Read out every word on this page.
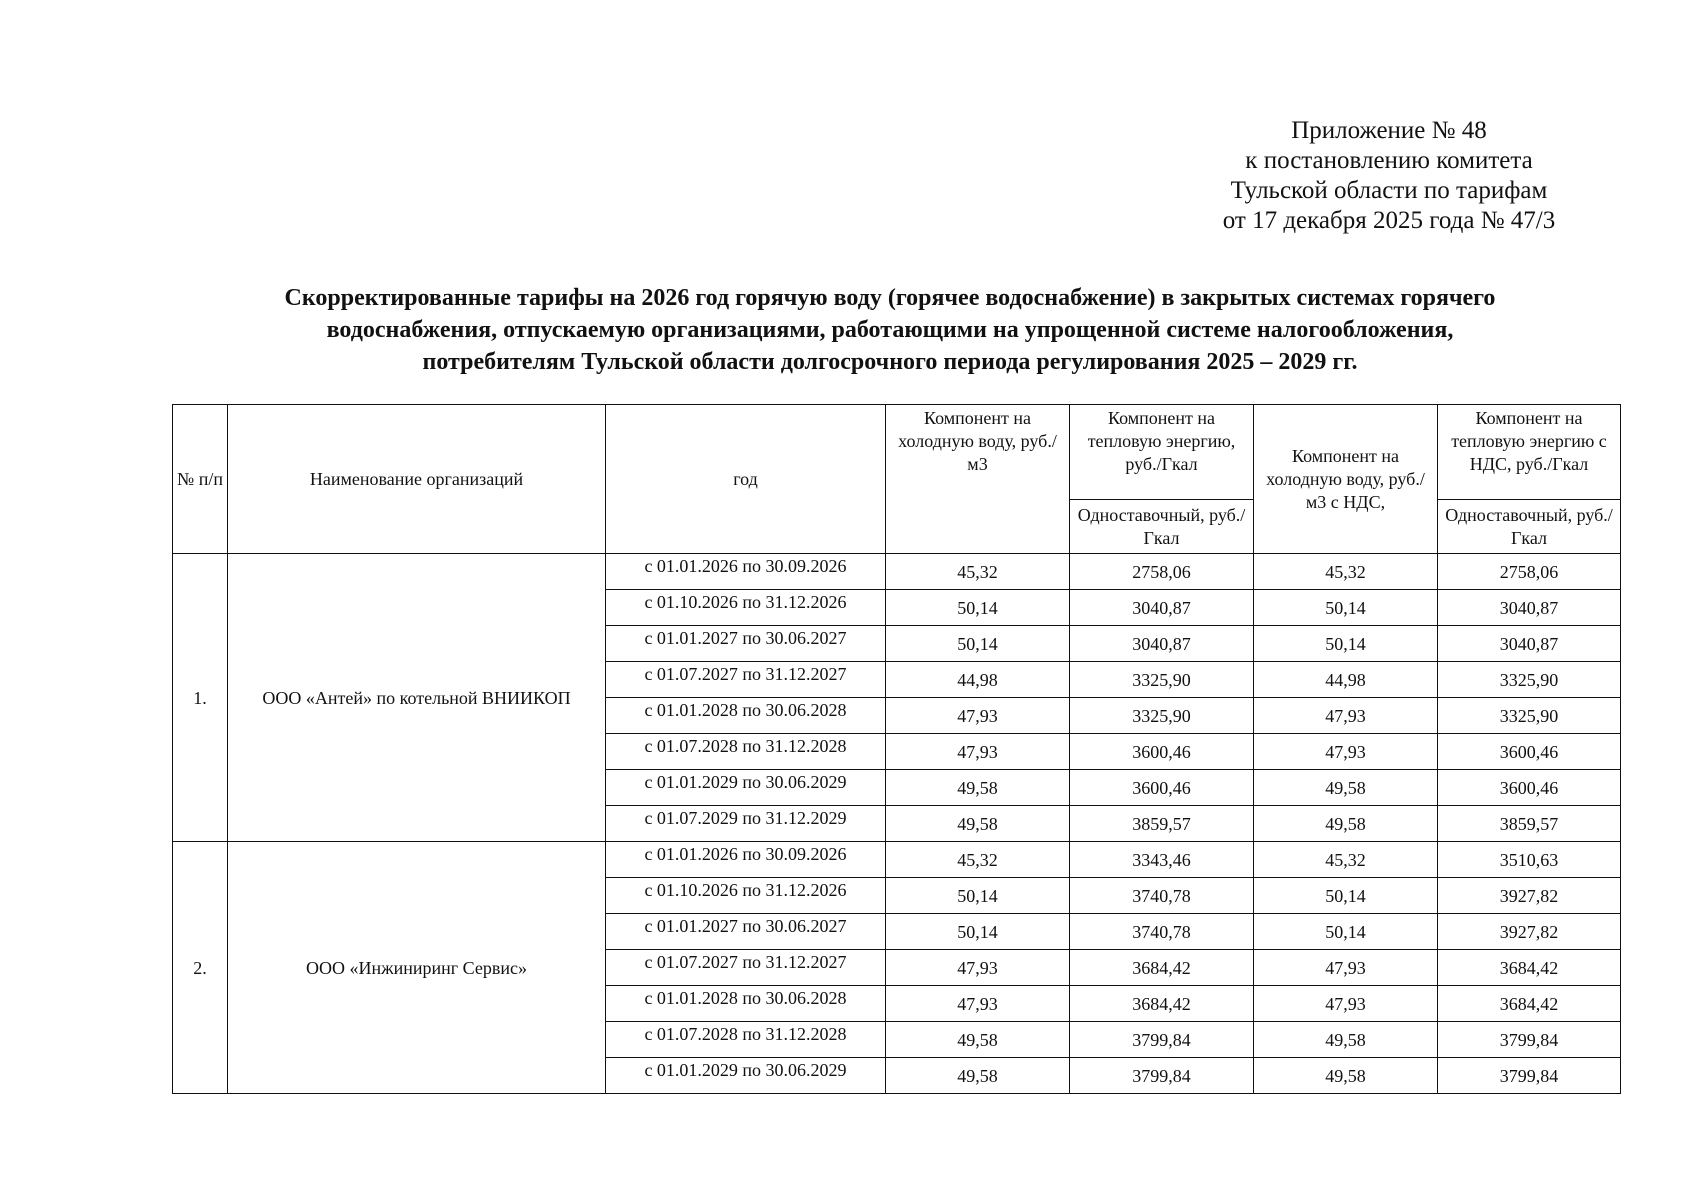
Приложение № 48
к постановлению комитета
Тульской области по тарифам
от 17 декабря 2025 года № 47/3
Скорректированные тарифы на 2026 год горячую воду (горячее водоснабжение) в закрытых системах горячего
водоснабжения, отпускаемую организациями, работающими на упрощенной системе налогообложения,
потребителям Тульской области долгосрочного периода регулирования 2025 – 2029 гг.
№ п/п	Наименование организаций	год	Компонент на холодную воду, руб./м3	Компонент на тепловую энергию, руб./Гкал	Компонент на холодную воду, руб./м3 с НДС,	Компонент на тепловую энергию с НДС, руб./Гкал
				Одноставочный, руб./Гкал		Одноставочный, руб./Гкал
1.	ООО «Антей» по котельной ВНИИКОП	с 01.01.2026 по 30.09.2026	45,32	2758,06	45,32	2758,06
		с 01.10.2026 по 31.12.2026	50,14	3040,87	50,14	3040,87
		с 01.01.2027 по 30.06.2027	50,14	3040,87	50,14	3040,87
		с 01.07.2027 по 31.12.2027	44,98	3325,90	44,98	3325,90
		с 01.01.2028 по 30.06.2028	47,93	3325,90	47,93	3325,90
		с 01.07.2028 по 31.12.2028	47,93	3600,46	47,93	3600,46
		с 01.01.2029 по 30.06.2029	49,58	3600,46	49,58	3600,46
		с 01.07.2029 по 31.12.2029	49,58	3859,57	49,58	3859,57
2.	ООО «Инжиниринг Сервис»	с 01.01.2026 по 30.09.2026	45,32	3343,46	45,32	3510,63
		с 01.10.2026 по 31.12.2026	50,14	3740,78	50,14	3927,82
		с 01.01.2027 по 30.06.2027	50,14	3740,78	50,14	3927,82
		с 01.07.2027 по 31.12.2027	47,93	3684,42	47,93	3684,42
		с 01.01.2028 по 30.06.2028	47,93	3684,42	47,93	3684,42
		с 01.07.2028 по 31.12.2028	49,58	3799,84	49,58	3799,84
		с 01.01.2029 по 30.06.2029	49,58	3799,84	49,58	3799,84
